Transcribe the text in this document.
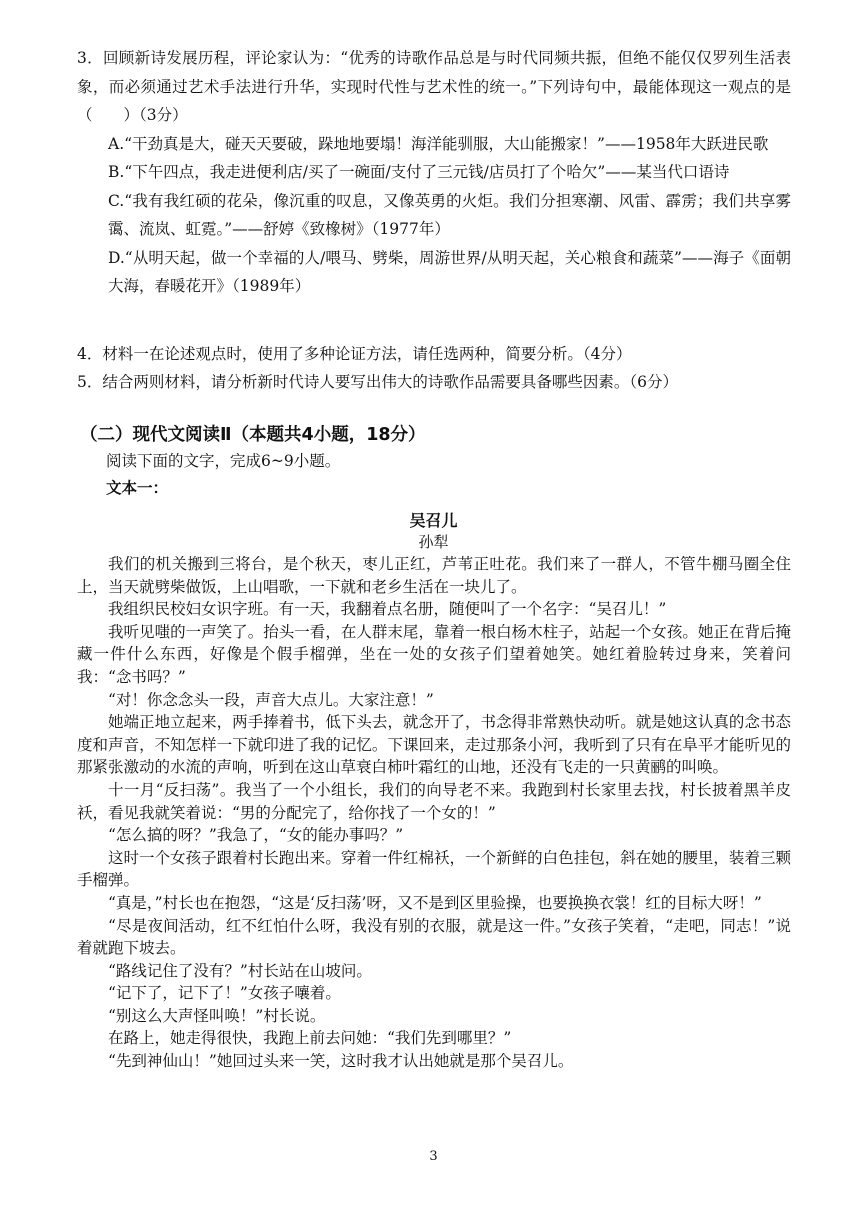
3．回顾新诗发展历程，评论家认为：“优秀的诗歌作品总是与时代同频共振，但绝不能仅仅罗列生活表象，而必须通过艺术手法进行升华，实现时代性与艺术性的统一。”下列诗句中，最能体现这一观点的是（　　）（3分）
A.“干劲真是大，碰天天要破，跺地地要塌！海洋能驯服，大山能搬家！”——1958年大跃进民歌
B.“下午四点，我走进便利店/买了一碗面/支付了三元钱/店员打了个哈欠”——某当代口语诗
C.“我有我红硕的花朵，像沉重的叹息，又像英勇的火炬。我们分担寒潮、风雷、霹雳；我们共享雾霭、流岚、虹霓。”——舒婷《致橡树》（1977年）
D.“从明天起，做一个幸福的人/喂马、劈柴，周游世界/从明天起，关心粮食和蔬菜”——海子《面朝大海，春暖花开》（1989年）
4．材料一在论述观点时，使用了多种论证方法，请任选两种，简要分析。（4分）
5．结合两则材料，请分析新时代诗人要写出伟大的诗歌作品需要具备哪些因素。（6分）
（二）现代文阅读Ⅱ（本题共4小题，18分）
阅读下面的文字，完成6~9小题。
文本一：
吴召儿
孙犁

我们的机关搬到三将台，是个秋天，枣儿正红，芦苇正吐花。我们来了一群人，不管牛棚马圈全住上，当天就劈柴做饭，上山唱歌，一下就和老乡生活在一块儿了。

我组织民校妇女识字班。有一天，我翻着点名册，随便叫了一个名字：“吴召儿！”

我听见嗤的一声笑了。抬头一看，在人群末尾，靠着一根白杨木柱子，站起一个女孩。她正在背后掩藏一件什么东西，好像是个假手榴弹，坐在一处的女孩子们望着她笑。她红着脸转过身来，笑着问我：“念书吗？”

“对！你念念头一段，声音大点儿。大家注意！”

她端正地立起来，两手捧着书，低下头去，就念开了，书念得非常熟快动听。就是她这认真的念书态度和声音，不知怎样一下就印进了我的记忆。下课回来，走过那条小河，我听到了只有在阜平才能听见的那紧张激动的水流的声响，听到在这山草衰白柿叶霜红的山地，还没有飞走的一只黄鹂的叫唤。

十一月“反扫荡”。我当了一个小组长，我们的向导老不来。我跑到村长家里去找，村长披着黑羊皮袄，看见我就笑着说：“男的分配完了，给你找了一个女的！”

“怎么搞的呀？”我急了，“女的能办事吗？”

这时一个女孩子跟着村长跑出来。穿着一件红棉袄，一个新鲜的白色挂包，斜在她的腰里，装着三颗手榴弹。

“真是，”村长也在抱怨，“这是‘反扫荡’呀，又不是到区里验操，也要换换衣裳！红的目标大呀！”

“尽是夜间活动，红不红怕什么呀，我没有别的衣服，就是这一件。”女孩子笑着，“走吧，同志！”说着就跑下坡去。

“路线记住了没有？”村长站在山坡问。

“记下了，记下了！”女孩子嚷着。

“别这么大声怪叫唤！”村长说。

在路上，她走得很快，我跑上前去问她：“我们先到哪里？”

“先到神仙山！”她回过头来一笑，这时我才认出她就是那个吴召儿。

3
